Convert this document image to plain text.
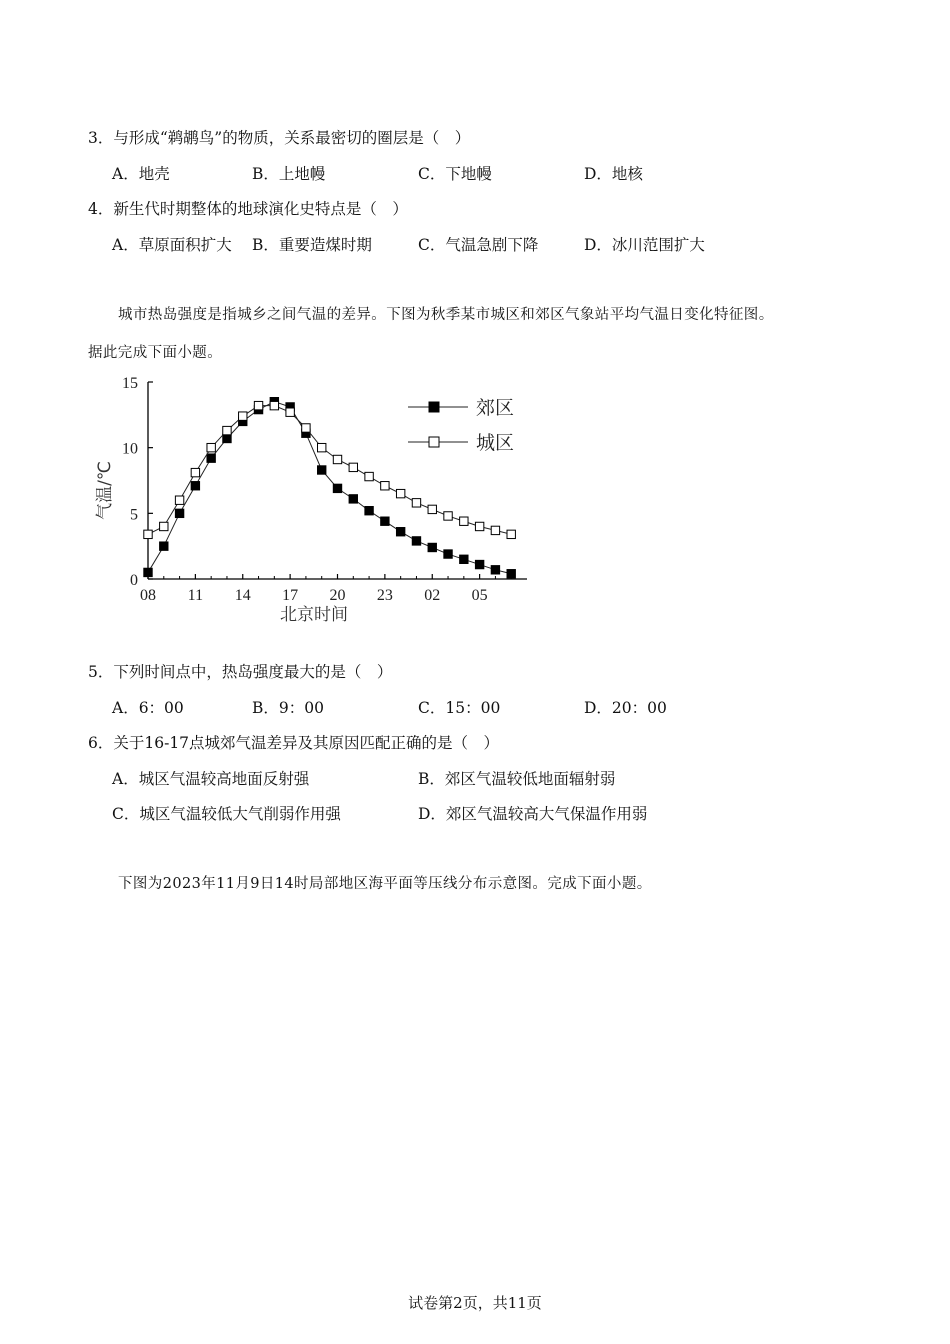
3．与形成“鹈鹕鸟”的物质，关系最密切的圈层是（　）
A．地壳	B．上地幔	C．下地幔	D．地核
4．新生代时期整体的地球演化史特点是（　）
A．草原面积扩大 B．重要造煤时期	C．气温急剧下降	D．冰川范围扩大
城市热岛强度是指城乡之间气温的差异。下图为秋季某市城区和郊区气象站平均气温日变化特征图。
据此完成下面小题。
0
5
10
15
08 11 14 17 20 23 02 05
北京时间
气温/℃
郊区
城区
5．下列时间点中，热岛强度最大的是（　）
A．6：00	B．9：00	C．15：00	D．20：00
6．关于16-17点城郊气温差异及其原因匹配正确的是（　）
A．城区气温较高地面反射强	B．郊区气温较低地面辐射弱
C．城区气温较低大气削弱作用强	D．郊区气温较高大气保温作用弱
下图为2023年11月9日14时局部地区海平面等压线分布示意图。完成下面小题。
试卷第2页，共11页
